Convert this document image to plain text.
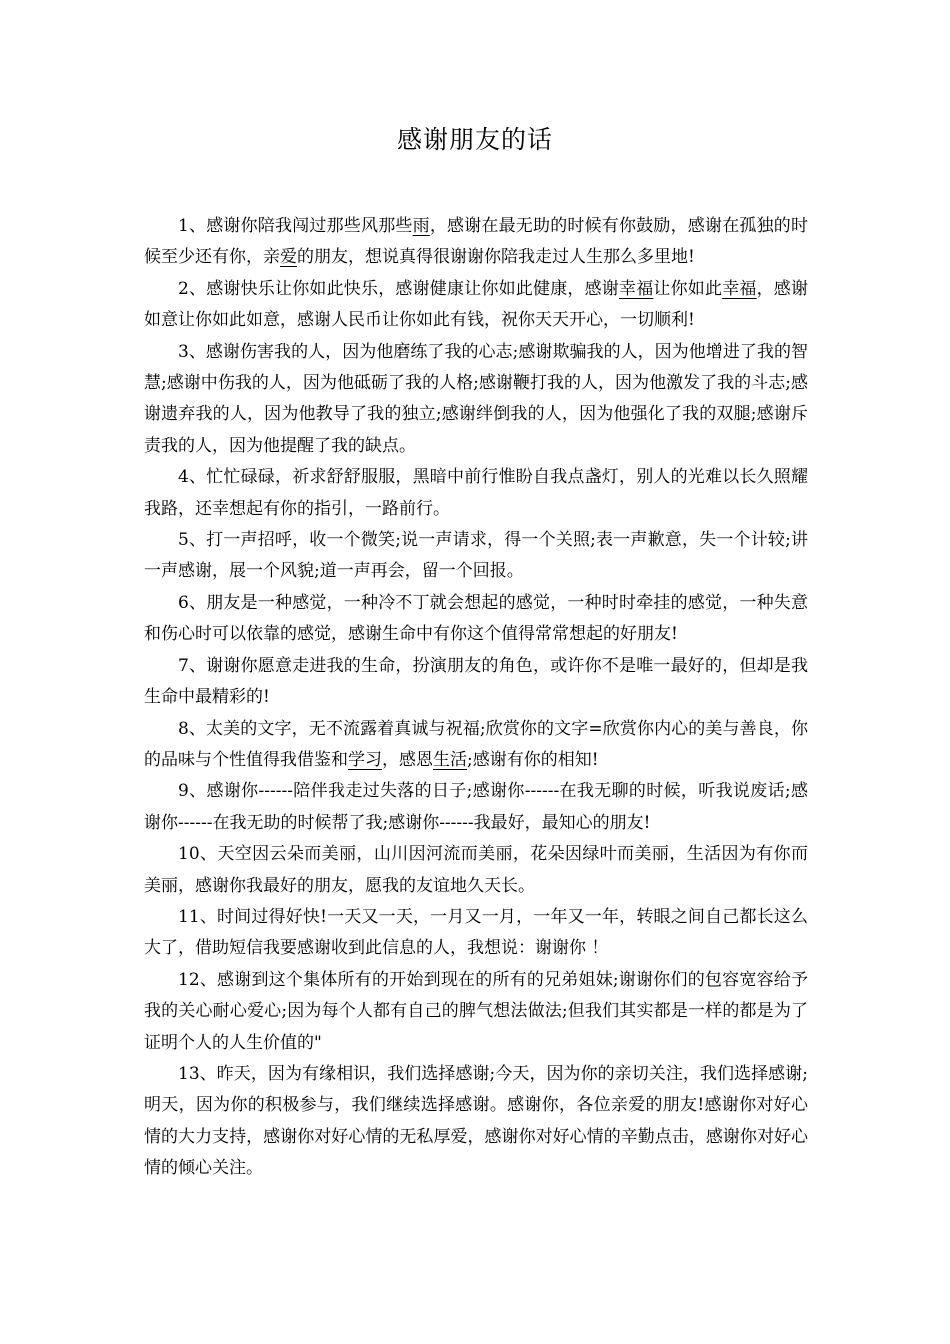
感谢朋友的话

1、感谢你陪我闯过那些风那些雨，感谢在最无助的时候有你鼓励，感谢在孤独的时候至少还有你，亲爱的朋友，想说真得很谢谢你陪我走过人生那么多里地!

2、感谢快乐让你如此快乐，感谢健康让你如此健康，感谢幸福让你如此幸福，感谢如意让你如此如意，感谢人民币让你如此有钱，祝你天天开心，一切顺利!

3、感谢伤害我的人，因为他磨练了我的心志;感谢欺骗我的人，因为他增进了我的智慧;感谢中伤我的人，因为他砥砺了我的人格;感谢鞭打我的人，因为他激发了我的斗志;感谢遗弃我的人，因为他教导了我的独立;感谢绊倒我的人，因为他强化了我的双腿;感谢斥责我的人，因为他提醒了我的缺点。

4、忙忙碌碌，祈求舒舒服服，黑暗中前行惟盼自我点盏灯，别人的光难以长久照耀我路，还幸想起有你的指引，一路前行。

5、打一声招呼，收一个微笑;说一声请求，得一个关照;表一声歉意，失一个计较;讲一声感谢，展一个风貌;道一声再会，留一个回报。

6、朋友是一种感觉，一种冷不丁就会想起的感觉，一种时时牵挂的感觉，一种失意和伤心时可以依靠的感觉，感谢生命中有你这个值得常常想起的好朋友!

7、谢谢你愿意走进我的生命，扮演朋友的角色，或许你不是唯一最好的，但却是我生命中最精彩的!

8、太美的文字，无不流露着真诚与祝福;欣赏你的文字=欣赏你内心的美与善良，你的品味与个性值得我借鉴和学习，感恩生活;感谢有你的相知!

9、感谢你------陪伴我走过失落的日子;感谢你------在我无聊的时候，听我说废话;感谢你------在我无助的时候帮了我;感谢你------我最好，最知心的朋友!

10、天空因云朵而美丽，山川因河流而美丽，花朵因绿叶而美丽，生活因为有你而美丽，感谢你我最好的朋友，愿我的友谊地久天长。

11、时间过得好快!一天又一天，一月又一月，一年又一年，转眼之间自己都长这么大了，借助短信我要感谢收到此信息的人，我想说：谢谢你 ！

12、感谢到这个集体所有的开始到现在的所有的兄弟姐妹;谢谢你们的包容宽容给予我的关心耐心爱心;因为每个人都有自己的脾气想法做法;但我们其实都是一样的都是为了证明个人的人生价值的"

13、昨天，因为有缘相识，我们选择感谢;今天，因为你的亲切关注，我们选择感谢;明天，因为你的积极参与，我们继续选择感谢。感谢你，各位亲爱的朋友!感谢你对好心情的大力支持，感谢你对好心情的无私厚爱，感谢你对好心情的辛勤点击，感谢你对好心情的倾心关注。
